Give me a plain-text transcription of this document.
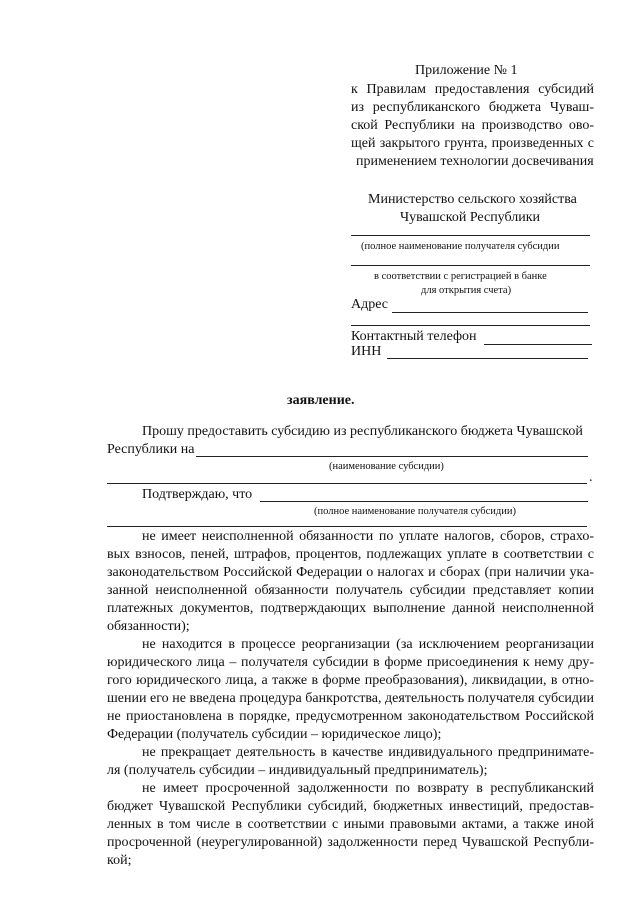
Приложение № 1
к Правилам предоставления субсидий
из республиканского бюджета Чуваш-
ской Республики на производство ово-
щей закрытого грунта, произведенных с
применением технологии досвечивания
Министерство сельского хозяйства
Чувашской Республики
(полное наименование получателя субсидии
в соответствии с регистрацией в банке
для открытия счета)
Адрес
Контактный телефон
ИНН
заявление.
Прошу предоставить субсидию из республиканского бюджета Чувашской
Республики на
(наименование субсидии)
.
Подтверждаю, что
(полное наименование получателя субсидии)
не имеет неисполненной обязанности по уплате налогов, сборов, страхо-
вых взносов, пеней, штрафов, процентов, подлежащих уплате в соответствии с
законодательством Российской Федерации о налогах и сборах (при наличии ука-
занной неисполненной обязанности получатель субсидии представляет копии
платежных документов, подтверждающих выполнение данной неисполненной
обязанности);
не находится в процессе реорганизации (за исключением реорганизации
юридического лица – получателя субсидии в форме присоединения к нему дру-
гого юридического лица, а также в форме преобразования), ликвидации, в отно-
шении его не введена процедура банкротства, деятельность получателя субсидии
не приостановлена в порядке, предусмотренном законодательством Российской
Федерации (получатель субсидии – юридическое лицо);
не прекращает деятельность в качестве индивидуального предпринимате-
ля (получатель субсидии – индивидуальный предприниматель);
не имеет просроченной задолженности по возврату в республиканский
бюджет Чувашской Республики субсидий, бюджетных инвестиций, предостав-
ленных в том числе в соответствии с иными правовыми актами, а также иной
просроченной (неурегулированной) задолженности перед Чувашской Республи-
кой;
